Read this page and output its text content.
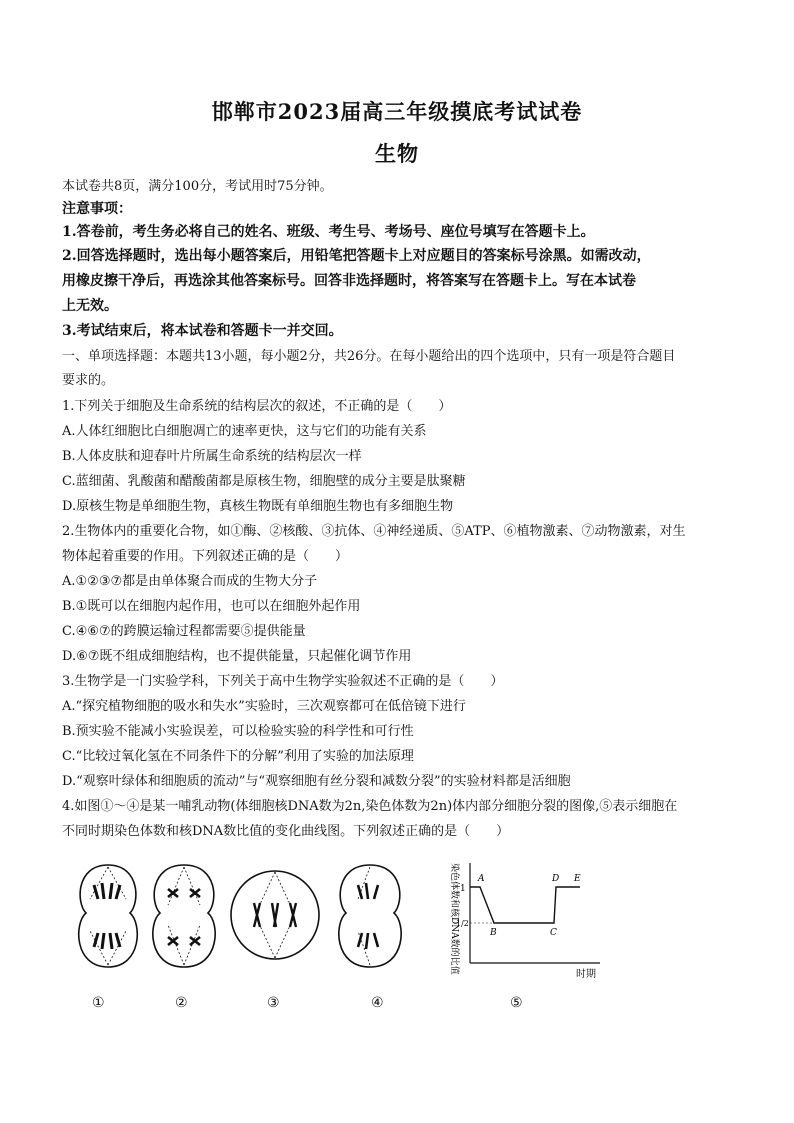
邯郸市2023届高三年级摸底考试试卷
生物
本试卷共8页，满分100分，考试用时75分钟。
注意事项：
1.答卷前，考生务必将自己的姓名、班级、考生号、考场号、座位号填写在答题卡上。
2.回答选择题时，选出每小题答案后，用铅笔把答题卡上对应题目的答案标号涂黑。如需改动，
用橡皮擦干净后，再选涂其他答案标号。回答非选择题时，将答案写在答题卡上。写在本试卷
上无效。
3.考试结束后，将本试卷和答题卡一并交回。
一、单项选择题：本题共13小题，每小题2分，共26分。在每小题给出的四个选项中，只有一项是符合题目
要求的。
1.下列关于细胞及生命系统的结构层次的叙述，不正确的是（　　）
A.人体红细胞比白细胞凋亡的速率更快，这与它们的功能有关系
B.人体皮肤和迎春叶片所属生命系统的结构层次一样
C.蓝细菌、乳酸菌和醋酸菌都是原核生物，细胞壁的成分主要是肽聚糖
D.原核生物是单细胞生物，真核生物既有单细胞生物也有多细胞生物
2.生物体内的重要化合物，如①酶、②核酸、③抗体、④神经递质、⑤ATP、⑥植物激素、⑦动物激素，对生
物体起着重要的作用。下列叙述正确的是（　　）
A.①②③⑦都是由单体聚合而成的生物大分子
B.①既可以在细胞内起作用，也可以在细胞外起作用
C.④⑥⑦的跨膜运输过程都需要⑤提供能量
D.⑥⑦既不组成细胞结构，也不提供能量，只起催化调节作用
3.生物学是一门实验学科，下列关于高中生物学实验叙述不正确的是（　　）
A.“探究植物细胞的吸水和失水”实验时，三次观察都可在低倍镜下进行
B.预实验不能减小实验误差，可以检验实验的科学性和可行性
C.“比较过氧化氢在不同条件下的分解”利用了实验的加法原理
D.“观察叶绿体和细胞质的流动”与“观察细胞有丝分裂和减数分裂”的实验材料都是活细胞
4.如图①～④是某一哺乳动物(体细胞核DNA数为2n,染色体数为2n)体内部分细胞分裂的图像,⑤表示细胞在
不同时期染色体数和核DNA数比值的变化曲线图。下列叙述正确的是（　　）
染色体数和核DNA数的比值	时期
1
1/2
A
B	C
D E
①	②	③	④	⑤
